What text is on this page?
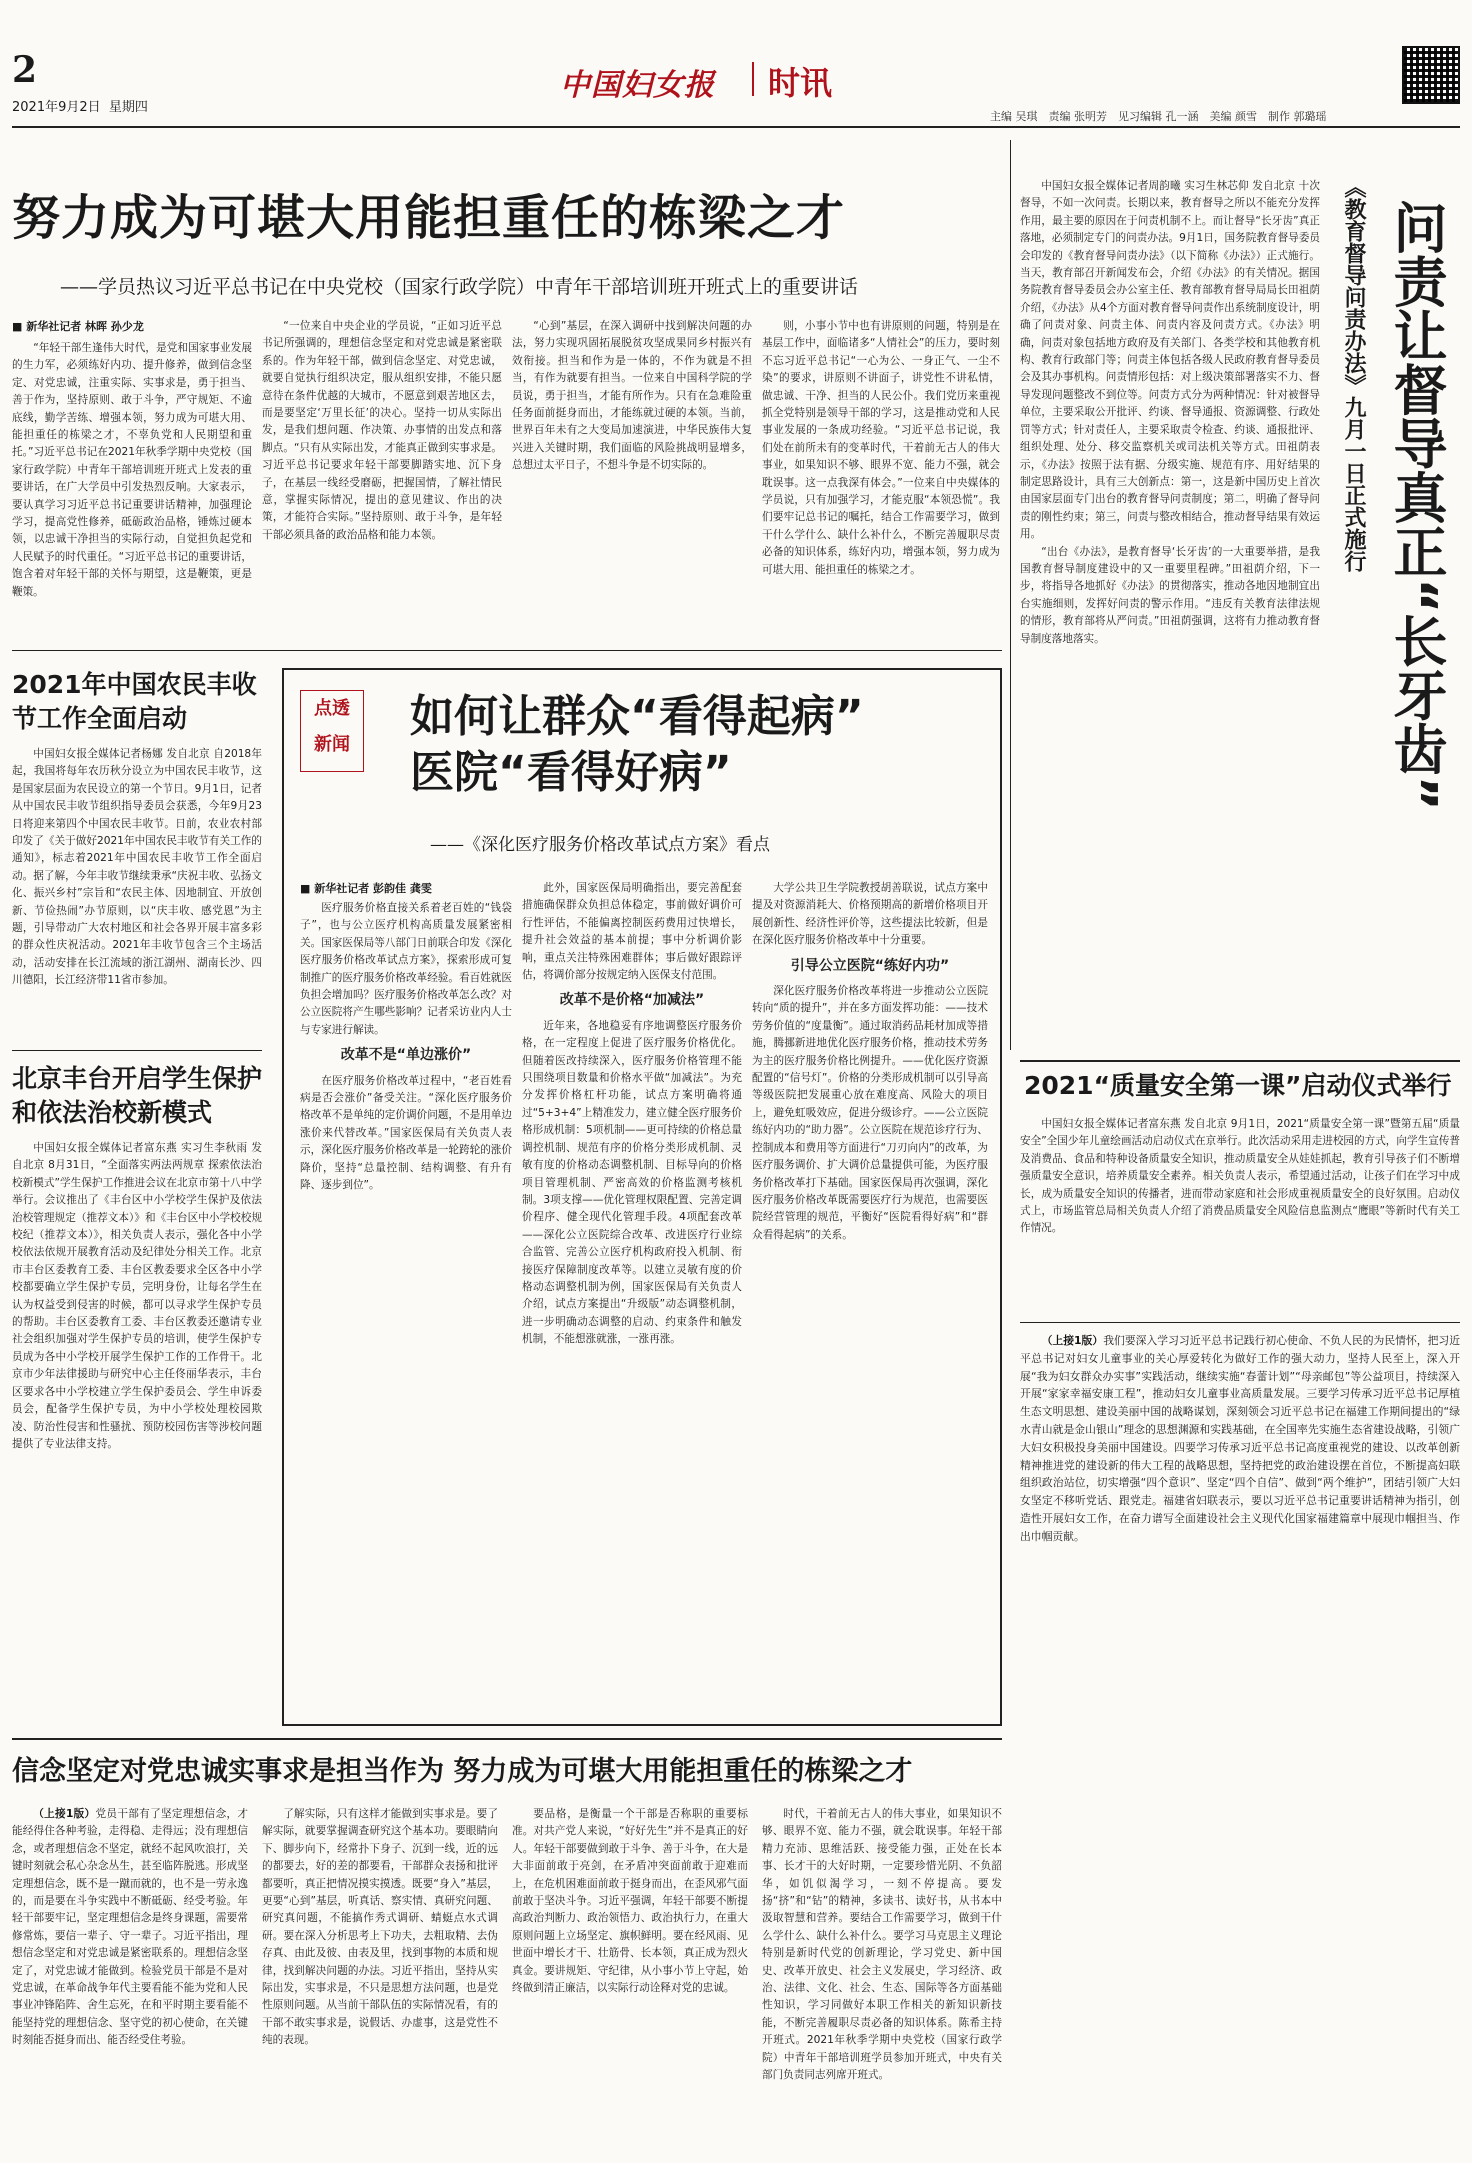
2
2021年9月2日 星期四
中国妇女报 时讯
主编 吴琪　责编 张明芳　见习编辑 孔一涵　美编 颜雪　制作 郭璐瑶
努力成为可堪大用能担重任的栋梁之才
——学员热议习近平总书记在中央党校（国家行政学院）中青年干部培训班开班式上的重要讲话
■ 新华社记者 林晖 孙少龙

“年轻干部生逢伟大时代，是党和国家事业发展的生力军，必须练好内功、提升修养，做到信念坚定、对党忠诚，注重实际、实事求是，勇于担当、善于作为，坚持原则、敢于斗争，严守规矩、不逾底线，勤学苦练、增强本领，努力成为可堪大用、能担重任的栋梁之才，不辜负党和人民期望和重托。”习近平总书记在2021年秋季学期中央党校（国家行政学院）中青年干部培训班开班式上发表的重要讲话，在广大学员中引发热烈反响。大家表示，要认真学习习近平总书记重要讲话精神，加强理论学习，提高党性修养，砥砺政治品格，锤炼过硬本领，以忠诚干净担当的实际行动，自觉担负起党和人民赋予的时代重任。“习近平总书记的重要讲话，饱含着对年轻干部的关怀与期望，这是鞭策，更是鞭策。

“一位来自中央企业的学员说，“正如习近平总书记所强调的，理想信念坚定和对党忠诚是紧密联系的。作为年轻干部，做到信念坚定、对党忠诚，就要自觉执行组织决定，服从组织安排，不能只愿意待在条件优越的大城市，不愿意到艰苦地区去，而是要坚定‘万里长征’的决心。坚持一切从实际出发，是我们想问题、作决策、办事情的出发点和落脚点。“只有从实际出发，才能真正做到实事求是。习近平总书记要求年轻干部要脚踏实地、沉下身子，在基层一线经受磨砺，把握国情，了解社情民意，掌握实际情况，提出的意见建议、作出的决策，才能符合实际。”坚持原则、敢于斗争，是年轻干部必须具备的政治品格和能力本领。

“心到”基层，在深入调研中找到解决问题的办法，努力实现巩固拓展脱贫攻坚成果同乡村振兴有效衔接。担当和作为是一体的，不作为就是不担当，有作为就要有担当。一位来自中国科学院的学员说，勇于担当，才能有所作为。只有在急难险重任务面前挺身而出，才能练就过硬的本领。当前，世界百年未有之大变局加速演进，中华民族伟大复兴进入关键时期，我们面临的风险挑战明显增多，总想过太平日子，不想斗争是不切实际的。

则，小事小节中也有讲原则的问题，特别是在基层工作中，面临诸多“人情社会”的压力，要时刻不忘习近平总书记“一心为公、一身正气、一尘不染”的要求，讲原则不讲面子，讲党性不讲私情，做忠诚、干净、担当的人民公仆。我们党历来重视抓全党特别是领导干部的学习，这是推动党和人民事业发展的一条成功经验。“习近平总书记说，我们处在前所未有的变革时代，干着前无古人的伟大事业，如果知识不够、眼界不宽、能力不强，就会耽误事。这一点我深有体会。”一位来自中央媒体的学员说，只有加强学习，才能克服“本领恐慌”。我们要牢记总书记的嘱托，结合工作需要学习，做到干什么学什么、缺什么补什么，不断完善履职尽责必备的知识体系，练好内功，增强本领，努力成为可堪大用、能担重任的栋梁之才。

中国妇女报全媒体记者周韵曦 实习生林芯仰 发自北京 十次督导，不如一次问责。长期以来，教育督导之所以不能充分发挥作用，最主要的原因在于问责机制不上。而让督导“长牙齿”真正落地，必须制定专门的问责办法。9月1日，国务院教育督导委员会印发的《教育督导问责办法》（以下简称《办法》）正式施行。当天，教育部召开新闻发布会，介绍《办法》的有关情况。据国务院教育督导委员会办公室主任、教育部教育督导局局长田祖荫介绍，《办法》从4个方面对教育督导问责作出系统制度设计，明确了问责对象、问责主体、问责内容及问责方式。《办法》明确，问责对象包括地方政府及有关部门、各类学校和其他教育机构、教育行政部门等；问责主体包括各级人民政府教育督导委员会及其办事机构。问责情形包括：对上级决策部署落实不力、督导发现问题整改不到位等。问责方式分为两种情况：针对被督导单位，主要采取公开批评、约谈、督导通报、资源调整、行政处罚等方式；针对责任人，主要采取责令检查、约谈、通报批评、组织处理、处分、移交监察机关或司法机关等方式。田祖荫表示，《办法》按照于法有据、分级实施、规范有序、用好结果的制定思路设计，具有三大创新点：第一，这是新中国历史上首次由国家层面专门出台的教育督导问责制度；第二，明确了督导问责的刚性约束；第三，问责与整改相结合，推动督导结果有效运用。

“出台《办法》，是教育督导‘长牙齿’的一大重要举措，是我国教育督导制度建设中的又一重要里程碑。”田祖荫介绍，下一步，将指导各地抓好《办法》的贯彻落实，推动各地因地制宜出台实施细则，发挥好问责的警示作用。“违反有关教育法律法规的情形，教育部将从严问责。”田祖荫强调，这将有力推动教育督导制度落地落实。

《教育督导问责办法》九月一日正式施行 问责让督导真正“长牙齿”
2021年中国农民丰收节工作全面启动

中国妇女报全媒体记者杨娜 发自北京 自2018年起，我国将每年农历秋分设立为中国农民丰收节，这是国家层面为农民设立的第一个节日。9月1日，记者从中国农民丰收节组织指导委员会获悉，今年9月23日将迎来第四个中国农民丰收节。日前，农业农村部印发了《关于做好2021年中国农民丰收节有关工作的通知》，标志着2021年中国农民丰收节工作全面启动。据了解，今年丰收节继续秉承“庆祝丰收、弘扬文化、振兴乡村”宗旨和“农民主体、因地制宜、开放创新、节俭热闹”办节原则，以“庆丰收、感党恩”为主题，引导带动广大农村地区和社会各界开展丰富多彩的群众性庆祝活动。2021年丰收节包含三个主场活动，活动安排在长江流域的浙江湖州、湖南长沙、四川德阳，长江经济带11省市参加。

北京丰台开启学生保护和依法治校新模式

中国妇女报全媒体记者富东燕 实习生李秋雨 发自北京 8月31日，“全面落实两法两规章 探索依法治校新模式”学生保护工作推进会议在北京市第十八中学举行。会议推出了《丰台区中小学校学生保护及依法治校管理规定（推荐文本）》和《丰台区中小学校校规校纪（推荐文本）》，相关负责人表示，强化各中小学校依法依规开展教育活动及纪律处分相关工作。北京市丰台区委教育工委、丰台区教委要求全区各中小学校都要确立学生保护专员，完明身份，让每名学生在认为权益受到侵害的时候，都可以寻求学生保护专员的帮助。丰台区委教育工委、丰台区教委还邀请专业社会组织加强对学生保护专员的培训，使学生保护专员成为各中小学校开展学生保护工作的工作骨干。北京市少年法律援助与研究中心主任佟丽华表示，丰台区要求各中小学校建立学生保护委员会、学生申诉委员会，配备学生保护专员，为中小学校处理校园欺凌、防治性侵害和性骚扰、预防校园伤害等涉校问题提供了专业法律支持。

点透
新闻
如何让群众“看得起病”
医院“看得好病”
——《深化医疗服务价格改革试点方案》看点
■ 新华社记者 彭韵佳 龚雯

医疗服务价格直接关系着老百姓的“钱袋子”，也与公立医疗机构高质量发展紧密相关。国家医保局等八部门日前联合印发《深化医疗服务价格改革试点方案》，探索形成可复制推广的医疗服务价格改革经验。看百姓就医负担会增加吗？医疗服务价格改革怎么改？对公立医院将产生哪些影响？记者采访业内人士与专家进行解读。

改革不是“单边涨价”

在医疗服务价格改革过程中，“老百姓看病是否会涨价”备受关注。“深化医疗服务价格改革不是单纯的定价调价问题，不是用单边涨价来代替改革。”国家医保局有关负责人表示，深化医疗服务价格改革是一轮跨轮的涨价降价，坚持“总量控制、结构调整、有升有降、逐步到位”。

此外，国家医保局明确指出，要完善配套措施确保群众负担总体稳定，事前做好调价可行性评估，不能偏离控制医药费用过快增长，提升社会效益的基本前提；事中分析调价影响，重点关注特殊困难群体；事后做好跟踪评估，将调价部分按规定纳入医保支付范围。

改革不是价格“加减法”

近年来，各地稳妥有序地调整医疗服务价格，在一定程度上促进了医疗服务价格优化。但随着医改持续深入，医疗服务价格管理不能只围绕项目数量和价格水平做“加减法”。为充分发挥价格杠杆功能，试点方案明确将通过“5+3+4”上精准发力，建立健全医疗服务价格形成机制：5项机制——更可持续的价格总量调控机制、规范有序的价格分类形成机制、灵敏有度的价格动态调整机制、目标导向的价格项目管理机制、严密高效的价格监测考核机制。3项支撑——优化管理权限配置、完善定调价程序、健全现代化管理手段。4项配套改革——深化公立医院综合改革、改进医疗行业综合监管、完善公立医疗机构政府投入机制、衔接医疗保障制度改革等。以建立灵敏有度的价格动态调整机制为例，国家医保局有关负责人介绍，试点方案提出“升级版”动态调整机制，进一步明确动态调整的启动、约束条件和触发机制，不能想涨就涨，一涨再涨。

大学公共卫生学院教授胡善联说，试点方案中提及对资源消耗大、价格预期高的新增价格项目开展创新性、经济性评价等，这些提法比较新，但是在深化医疗服务价格改革中十分重要。

引导公立医院“练好内功”

深化医疗服务价格改革将进一步推动公立医院转向“质的提升”，并在多方面发挥功能：——技术劳务价值的“度量衡”。通过取消药品耗材加成等措施，腾挪新进地优化医疗服务价格，推动技术劳务为主的医疗服务价格比例提升。——优化医疗资源配置的“信号灯”。价格的分类形成机制可以引导高等级医院把发展重心放在难度高、风险大的项目上，避免虹吸效应，促进分级诊疗。——公立医院练好内功的“助力器”。公立医院在规范诊疗行为、控制成本和费用等方面进行“刀刃向内”的改革，为医疗服务调价、扩大调价总量提供可能，为医疗服务价格改革打下基础。国家医保局再次强调，深化医疗服务价格改革既需要医疗行为规范，也需要医院经营管理的规范，平衡好“医院看得好病”和“群众看得起病”的关系。

2021“质量安全第一课”启动仪式举行

中国妇女报全媒体记者富东燕 发自北京 9月1日，2021“质量安全第一课”暨第五届“质量安全”全国少年儿童绘画活动启动仪式在京举行。此次活动采用走进校园的方式，向学生宣传普及消费品、食品和特种设备质量安全知识，推动质量安全从娃娃抓起，教育引导孩子们不断增强质量安全意识，培养质量安全素养。相关负责人表示，希望通过活动，让孩子们在学习中成长，成为质量安全知识的传播者，进而带动家庭和社会形成重视质量安全的良好氛围。启动仪式上，市场监管总局相关负责人介绍了消费品质量安全风险信息监测点“鹰眼”等新时代有关工作情况。

（上接1版）我们要深入学习习近平总书记践行初心使命、不负人民的为民情怀，把习近平总书记对妇女儿童事业的关心厚爱转化为做好工作的强大动力，坚持人民至上，深入开展“我为妇女群众办实事”实践活动，继续实施“春蕾计划”“母亲邮包”等公益项目，持续深入开展“家家幸福安康工程”，推动妇女儿童事业高质量发展。三要学习传承习近平总书记厚植生态文明思想、建设美丽中国的战略谋划，深刻领会习近平总书记在福建工作期间提出的“绿水青山就是金山银山”理念的思想渊源和实践基础，在全国率先实施生态省建设战略，引领广大妇女积极投身美丽中国建设。四要学习传承习近平总书记高度重视党的建设、以改革创新精神推进党的建设新的伟大工程的战略思想，坚持把党的政治建设摆在首位，不断提高妇联组织政治站位，切实增强“四个意识”、坚定“四个自信”、做到“两个维护”，团结引领广大妇女坚定不移听党话、跟党走。福建省妇联表示，要以习近平总书记重要讲话精神为指引，创造性开展妇女工作，在奋力谱写全面建设社会主义现代化国家福建篇章中展现巾帼担当、作出巾帼贡献。

信念坚定对党忠诚实事求是担当作为 努力成为可堪大用能担重任的栋梁之才

（上接1版）党员干部有了坚定理想信念，才能经得住各种考验，走得稳、走得远；没有理想信念，或者理想信念不坚定，就经不起风吹浪打，关键时刻就会私心杂念丛生，甚至临阵脱逃。形成坚定理想信念，既不是一蹴而就的，也不是一劳永逸的，而是要在斗争实践中不断砥砺、经受考验。年轻干部要牢记，坚定理想信念是终身课题，需要常修常炼，要信一辈子、守一辈子。习近平指出，理想信念坚定和对党忠诚是紧密联系的。理想信念坚定了，对党忠诚才能做到。检验党员干部是不是对党忠诚，在革命战争年代主要看能不能为党和人民事业冲锋陷阵、舍生忘死，在和平时期主要看能不能坚持党的理想信念、坚守党的初心使命，在关键时刻能否挺身而出、能否经受住考验。

了解实际，只有这样才能做到实事求是。要了解实际，就要掌握调查研究这个基本功。要眼睛向下、脚步向下，经常扑下身子、沉到一线，近的远的都要去，好的差的都要看，干部群众表扬和批评都要听，真正把情况摸实摸透。既要“身入”基层，更要“心到”基层，听真话、察实情、真研究问题、研究真问题，不能搞作秀式调研、蜻蜓点水式调研。要在深入分析思考上下功夫，去粗取精、去伪存真、由此及彼、由表及里，找到事物的本质和规律，找到解决问题的办法。习近平指出，坚持从实际出发，实事求是，不只是思想方法问题，也是党性原则问题。从当前干部队伍的实际情况看，有的干部不敢实事求是，说假话、办虚事，这是党性不纯的表现。

要品格，是衡量一个干部是否称职的重要标准。对共产党人来说，“好好先生”并不是真正的好人。年轻干部要做到敢于斗争、善于斗争，在大是大非面前敢于亮剑，在矛盾冲突面前敢于迎难而上，在危机困难面前敢于挺身而出，在歪风邪气面前敢于坚决斗争。习近平强调，年轻干部要不断提高政治判断力、政治领悟力、政治执行力，在重大原则问题上立场坚定、旗帜鲜明。要在经风雨、见世面中增长才干、壮筋骨、长本领，真正成为烈火真金。要讲规矩、守纪律，从小事小节上守起，始终做到清正廉洁，以实际行动诠释对党的忠诚。

时代，干着前无古人的伟大事业，如果知识不够、眼界不宽、能力不强，就会耽误事。年轻干部精力充沛、思维活跃、接受能力强，正处在长本事、长才干的大好时期，一定要珍惜光阴、不负韶华，如饥似渴学习，一刻不停提高。要发扬“挤”和“钻”的精神，多读书、读好书，从书本中汲取智慧和营养。要结合工作需要学习，做到干什么学什么、缺什么补什么。要学习马克思主义理论特别是新时代党的创新理论，学习党史、新中国史、改革开放史、社会主义发展史，学习经济、政治、法律、文化、社会、生态、国际等各方面基础性知识，学习同做好本职工作相关的新知识新技能，不断完善履职尽责必备的知识体系。陈希主持开班式。2021年秋季学期中央党校（国家行政学院）中青年干部培训班学员参加开班式，中央有关部门负责同志列席开班式。
